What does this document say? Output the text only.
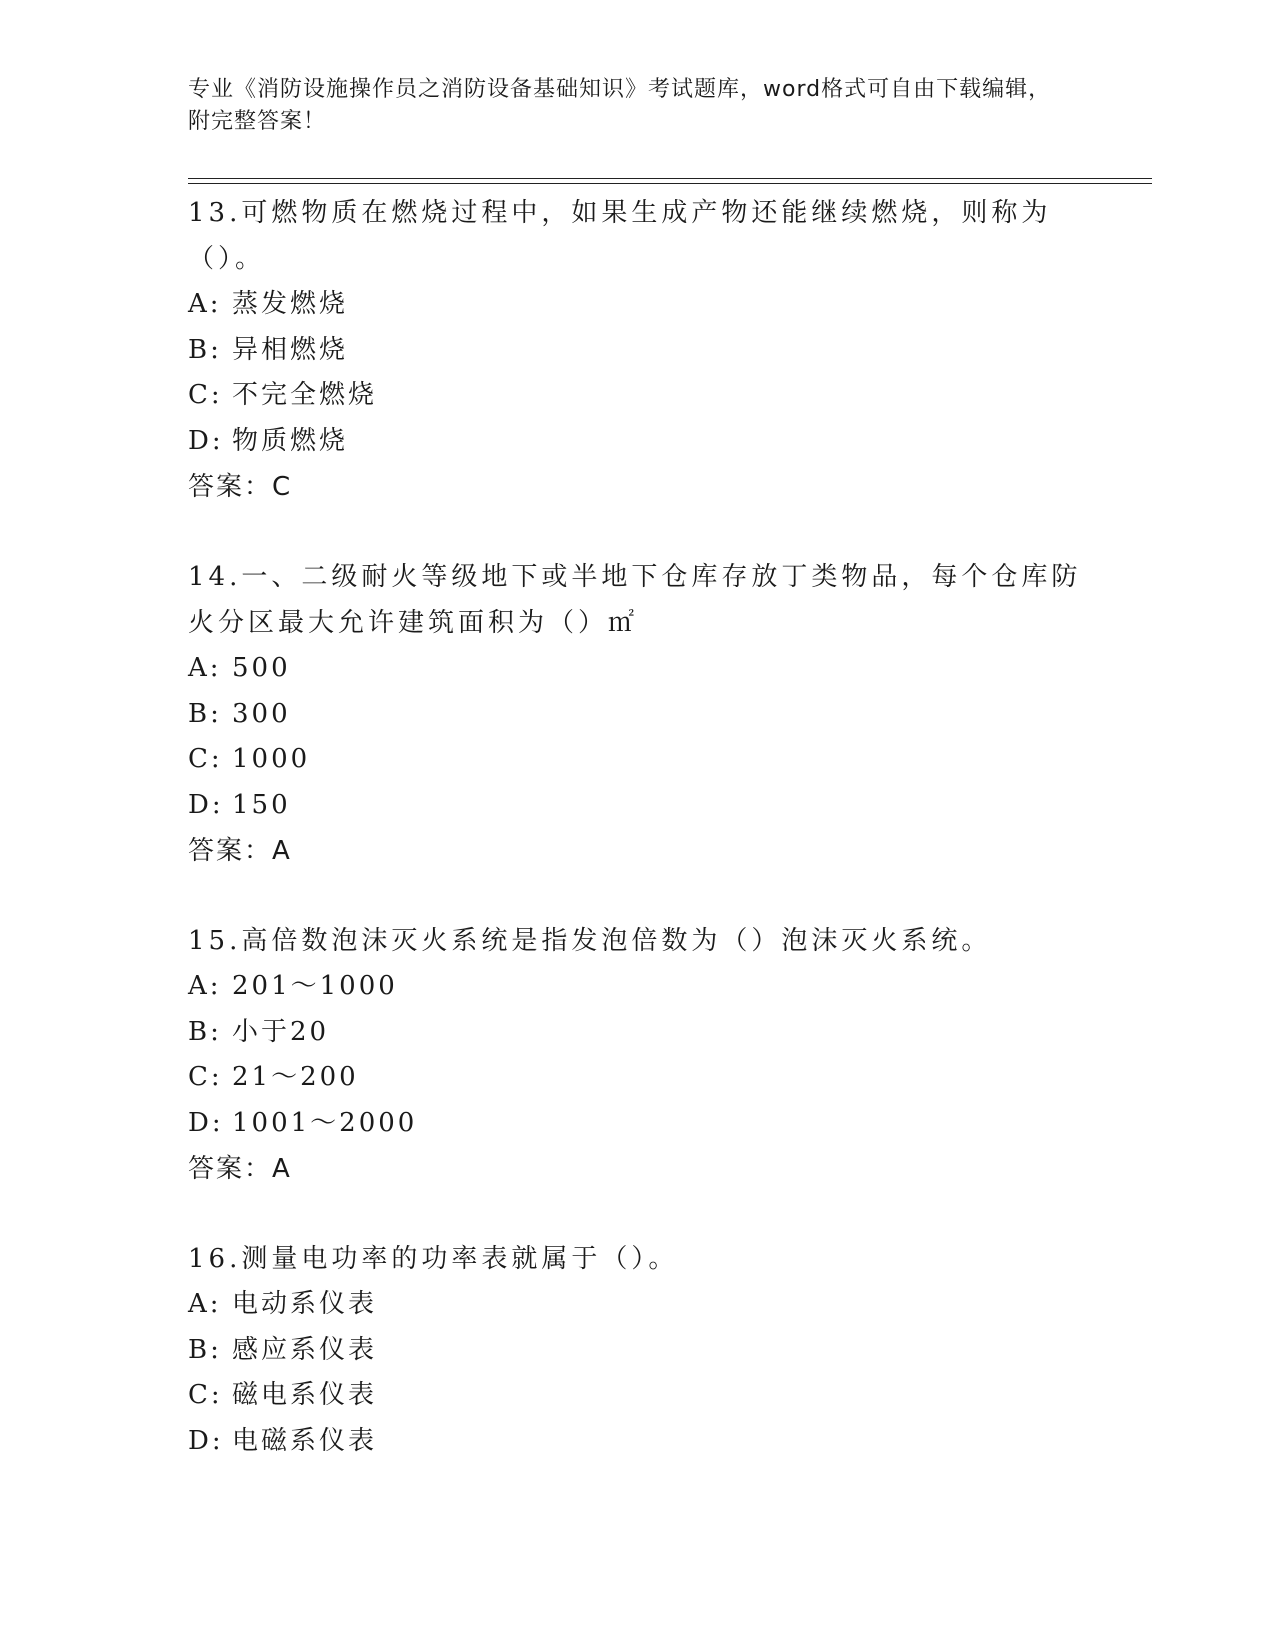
专业《消防设施操作员之消防设备基础知识》考试题库，word格式可自由下载编辑，附完整答案！

13.可燃物质在燃烧过程中，如果生成产物还能继续燃烧，则称为（）。

A: 蒸发燃烧

B: 异相燃烧

C: 不完全燃烧

D: 物质燃烧

答案：C

14.一、二级耐火等级地下或半地下仓库存放丁类物品，每个仓库防火分区最大允许建筑面积为（）㎡

A: 500

B: 300

C: 1000

D: 150

答案：A

15.高倍数泡沫灭火系统是指发泡倍数为（）泡沫灭火系统。

A: 201～1000

B: 小于20

C: 21～200

D: 1001～2000

答案：A

16.测量电功率的功率表就属于（）。

A: 电动系仪表

B: 感应系仪表

C: 磁电系仪表

D: 电磁系仪表
